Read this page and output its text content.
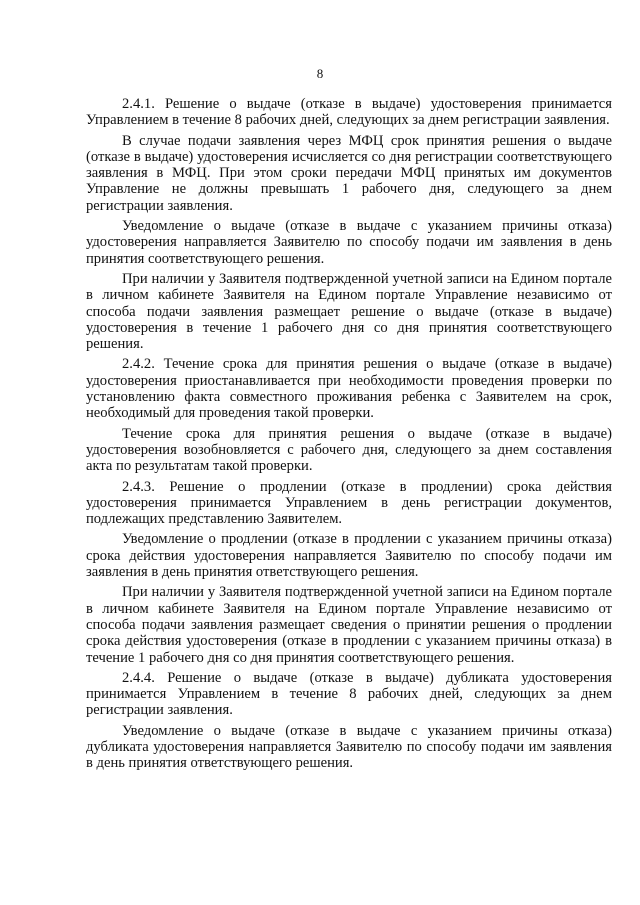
8

2.4.1. Решение о выдаче (отказе в выдаче) удостоверения принимается Управлением в течение 8 рабочих дней, следующих за днем регистрации заявления.

В случае подачи заявления через МФЦ срок принятия решения о выдаче (отказе в выдаче) удостоверения исчисляется со дня регистрации соответствующего заявления в МФЦ. При этом сроки передачи МФЦ принятых им документов Управление не должны превышать 1 рабочего дня, следующего за днем регистрации заявления.

Уведомление о выдаче (отказе в выдаче с указанием причины отказа) удостоверения направляется Заявителю по способу подачи им заявления в день принятия соответствующего решения.

При наличии у Заявителя подтвержденной учетной записи на Едином портале в личном кабинете Заявителя на Едином портале Управление независимо от способа подачи заявления размещает решение о выдаче (отказе в выдаче) удостоверения в течение 1 рабочего дня со дня принятия соответствующего решения.

2.4.2. Течение срока для принятия решения о выдаче (отказе в выдаче) удостоверения приостанавливается при необходимости проведения проверки по установлению факта совместного проживания ребенка с Заявителем на срок, необходимый для проведения такой проверки.

Течение срока для принятия решения о выдаче (отказе в выдаче) удостоверения возобновляется с рабочего дня, следующего за днем составления акта по результатам такой проверки.

2.4.3. Решение о продлении (отказе в продлении) срока действия удостоверения принимается Управлением в день регистрации документов, подлежащих представлению Заявителем.

Уведомление о продлении (отказе в продлении с указанием причины отказа) срока действия удостоверения направляется Заявителю по способу подачи им заявления в день принятия ответствующего решения.

При наличии у Заявителя подтвержденной учетной записи на Едином портале в личном кабинете Заявителя на Едином портале Управление независимо от способа подачи заявления размещает сведения о принятии решения о продлении срока действия удостоверения (отказе в продлении с указанием причины отказа) в течение 1 рабочего дня со дня принятия соответствующего решения.

2.4.4. Решение о выдаче (отказе в выдаче) дубликата удостоверения принимается Управлением в течение 8 рабочих дней, следующих за днем регистрации заявления.

Уведомление о выдаче (отказе в выдаче с указанием причины отказа) дубликата удостоверения направляется Заявителю по способу подачи им заявления в день принятия ответствующего решения.
